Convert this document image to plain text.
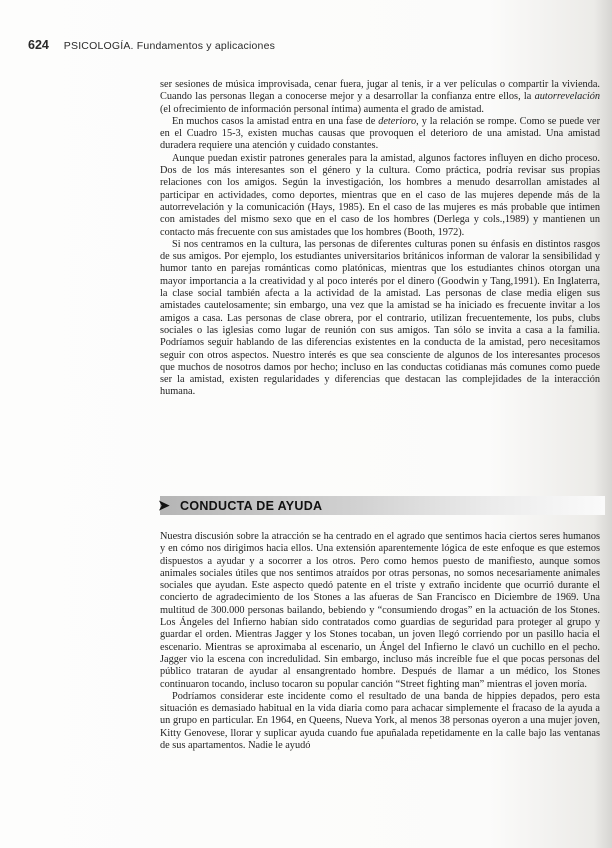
624 PSICOLOGÍA. Fundamentos y aplicaciones

ser sesiones de música improvisada, cenar fuera, jugar al tenis, ir a ver películas o compartir la vivienda. Cuando las personas llegan a conocerse mejor y a desarrollar la confianza entre ellos, la autorrevelación (el ofrecimiento de información personal íntima) aumenta el grado de amistad.

En muchos casos la amistad entra en una fase de deterioro, y la relación se rompe. Como se puede ver en el Cuadro 15-3, existen muchas causas que provoquen el deterioro de una amistad. Una amistad duradera requiere una atención y cuidado constantes.

Aunque puedan existir patrones generales para la amistad, algunos factores influyen en dicho proceso. Dos de los más interesantes son el género y la cultura. Como práctica, podría revisar sus propias relaciones con los amigos. Según la investigación, los hombres a menudo desarrollan amistades al participar en actividades, como deportes, mientras que en el caso de las mujeres depende más de la autorrevelación y la comunicación (Hays, 1985). En el caso de las mujeres es más probable que intimen con amistades del mismo sexo que en el caso de los hombres (Derlega y cols.,1989) y mantienen un contacto más frecuente con sus amistades que los hombres (Booth, 1972).

Si nos centramos en la cultura, las personas de diferentes culturas ponen su énfasis en distintos rasgos de sus amigos. Por ejemplo, los estudiantes universitarios británicos informan de valorar la sensibilidad y humor tanto en parejas románticas como platónicas, mientras que los estudiantes chinos otorgan una mayor importancia a la creatividad y al poco interés por el dinero (Goodwin y Tang,1991). En Inglaterra, la clase social también afecta a la actividad de la amistad. Las personas de clase media eligen sus amistades cautelosamente; sin embargo, una vez que la amistad se ha iniciado es frecuente invitar a los amigos a casa. Las personas de clase obrera, por el contrario, utilizan frecuentemente, los pubs, clubs sociales o las iglesias como lugar de reunión con sus amigos. Tan sólo se invita a casa a la familia. Podríamos seguir hablando de las diferencias existentes en la conducta de la amistad, pero necesitamos seguir con otros aspectos. Nuestro interés es que sea consciente de algunos de los interesantes procesos que muchos de nosotros damos por hecho; incluso en las conductas cotidianas más comunes como puede ser la amistad, existen regularidades y diferencias que destacan las complejidades de la interacción humana.

➤ CONDUCTA DE AYUDA

Nuestra discusión sobre la atracción se ha centrado en el agrado que sentimos hacia ciertos seres humanos y en cómo nos dirigimos hacia ellos. Una extensión aparentemente lógica de este enfoque es que estemos dispuestos a ayudar y a socorrer a los otros. Pero como hemos puesto de manifiesto, aunque somos animales sociales útiles que nos sentimos atraídos por otras personas, no somos necesariamente animales sociales que ayudan. Este aspecto quedó patente en el triste y extraño incidente que ocurrió durante el concierto de agradecimiento de los Stones a las afueras de San Francisco en Diciembre de 1969. Una multitud de 300.000 personas bailando, bebiendo y “consumiendo drogas” en la actuación de los Stones. Los Ángeles del Infierno habían sido contratados como guardias de seguridad para proteger al grupo y guardar el orden. Mientras Jagger y los Stones tocaban, un joven llegó corriendo por un pasillo hacia el escenario. Mientras se aproximaba al escenario, un Ángel del Infierno le clavó un cuchillo en el pecho. Jagger vio la escena con incredulidad. Sin embargo, incluso más increíble fue el que pocas personas del público trataran de ayudar al ensangrentado hombre. Después de llamar a un médico, los Stones continuaron tocando, incluso tocaron su popular canción “Street fighting man” mientras el joven moría.

Podríamos considerar este incidente como el resultado de una banda de hippies depados, pero esta situación es demasiado habitual en la vida diaria como para achacar simplemente el fracaso de la ayuda a un grupo en particular. En 1964, en Queens, Nueva York, al menos 38 personas oyeron a una mujer joven, Kitty Genovese, llorar y suplicar ayuda cuando fue apuñalada repetidamente en la calle bajo las ventanas de sus apartamentos. Nadie le ayudó
